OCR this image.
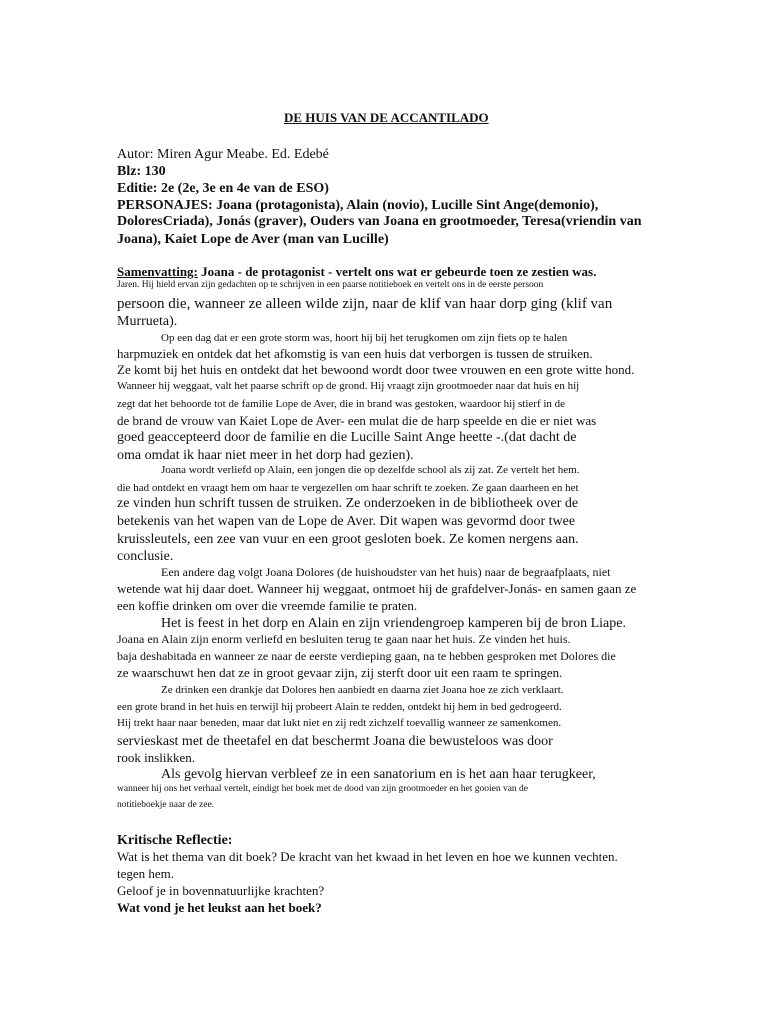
DE HUIS VAN DE ACCANTILADO
Autor: Miren Agur Meabe. Ed. Edebé
Blz: 130
Editie: 2e (2e, 3e en 4e van de ESO)
PERSONAJES: Joana (protagonista), Alain (novio), Lucille Sint Ange(demonio),
DoloresCriada), Jonás (graver), Ouders van Joana en grootmoeder, Teresa(vriendin van
Joana), Kaiet Lope de Aver (man van Lucille)
Samenvatting: Joana - de protagonist - vertelt ons wat er gebeurde toen ze zestien was.
Jaren. Hij hield ervan zijn gedachten op te schrijven in een paarse notitieboek en vertelt ons in de eerste persoon
persoon die, wanneer ze alleen wilde zijn, naar de klif van haar dorp ging (klif van
Murrueta).
Op een dag dat er een grote storm was, hoort hij bij het terugkomen om zijn fiets op te halen
harpmuziek en ontdek dat het afkomstig is van een huis dat verborgen is tussen de struiken.
Ze komt bij het huis en ontdekt dat het bewoond wordt door twee vrouwen en een grote witte hond.
Wanneer hij weggaat, valt het paarse schrift op de grond. Hij vraagt zijn grootmoeder naar dat huis en hij
zegt dat het behoorde tot de familie Lope de Aver, die in brand was gestoken, waardoor hij stierf in de
de brand de vrouw van Kaiet Lope de Aver- een mulat die de harp speelde en die er niet was
goed geaccepteerd door de familie en die Lucille Saint Ange heette -.(dat dacht de
oma omdat ik haar niet meer in het dorp had gezien).
Joana wordt verliefd op Alain, een jongen die op dezelfde school als zij zat. Ze vertelt het hem.
die had ontdekt en vraagt hem om haar te vergezellen om haar schrift te zoeken. Ze gaan daarheen en het
ze vinden hun schrift tussen de struiken. Ze onderzoeken in de bibliotheek over de
betekenis van het wapen van de Lope de Aver. Dit wapen was gevormd door twee
kruissleutels, een zee van vuur en een groot gesloten boek. Ze komen nergens aan.
conclusie.
Een andere dag volgt Joana Dolores (de huishoudster van het huis) naar de begraafplaats, niet
wetende wat hij daar doet. Wanneer hij weggaat, ontmoet hij de grafdelver-Jonás- en samen gaan ze
een koffie drinken om over die vreemde familie te praten.
Het is feest in het dorp en Alain en zijn vriendengroep kamperen bij de bron Liape.
Joana en Alain zijn enorm verliefd en besluiten terug te gaan naar het huis. Ze vinden het huis.
baja deshabitada en wanneer ze naar de eerste verdieping gaan, na te hebben gesproken met Dolores die
ze waarschuwt hen dat ze in groot gevaar zijn, zij sterft door uit een raam te springen.
Ze drinken een drankje dat Dolores hen aanbiedt en daarna ziet Joana hoe ze zich verklaart.
een grote brand in het huis en terwijl hij probeert Alain te redden, ontdekt hij hem in bed gedrogeerd.
Hij trekt haar naar beneden, maar dat lukt niet en zij redt zichzelf toevallig wanneer ze samenkomen.
servieskast met de theetafel en dat beschermt Joana die bewusteloos was door
rook inslikken.
Als gevolg hiervan verbleef ze in een sanatorium en is het aan haar terugkeer,
wanneer hij ons het verhaal vertelt, eindigt het boek met de dood van zijn grootmoeder en het gooien van de
notitieboekje naar de zee.
Kritische Reflectie:
Wat is het thema van dit boek? De kracht van het kwaad in het leven en hoe we kunnen vechten.
tegen hem.
Geloof je in bovennatuurlijke krachten?
Wat vond je het leukst aan het boek?
